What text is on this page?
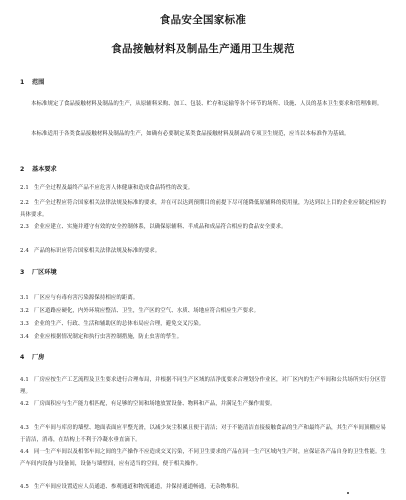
食品安全国家标准
食品接触材料及制品生产通用卫生规范
1 范围
本标准规定了食品接触材料及制品的生产，从原辅料采购、加工、包装、贮存和运输等各个环节的场所、设施、人员的基本卫生要求和管理准则。
本标准适用于各类食品接触材料及制品的生产，如确有必要制定某类食品接触材料及制品的专项卫生规范，应当以本标准作为基础。
2 基本要求
2.1 生产全过程及最终产品不应危害人体健康和造成食品特性的改变。
2.2 生产全过程应符合国家相关法律法规及标准的要求，并在可以达到预期目的前提下尽可能降低原辅料的使用量，为达到以上目的企业应制定相应的具体要求。
2.3 企业应建立、实施并遵守有效的安全控制体系，以确保原辅料、半成品和成品符合相应的食品安全要求。
2.4 产品的标识应符合国家相关法律法规及标准的要求。
3 厂区环境
3.1 厂区应与有毒有害污染源保持相应的距离。
3.2 厂区道路应硬化，内外环境应整洁、卫生，生产区的空气、水质、场地应符合相应生产要求。
3.3 企业的生产、行政、生活和辅助区的总体布局应合理，避免交叉污染。
3.4 企业应根据情况制定和执行虫害控制措施，防止虫害的孳生。
4 厂房
4.1 厂房应按生产工艺流程及卫生要求进行合理布局，并根据不同生产区域的洁净度要求合理划分作业区，对厂区内的生产车间和公共场所实行分区管理。
4.2 厂房面积应与生产能力相匹配，有足够的空间和场地放置设备、物料和产品，并满足生产操作需要。
4.3 生产车间与库房的墙壁、地面表面应平整光滑，以减少灰尘积累且便于清洁；对于不能清洁直接接触食品的生产和最终产品，其生产车间顶棚应易于清洁，消毒，在结构上不利于冷凝水垂直滴下。
4.4 同一生产车间以及相邻车间之间的生产操作不应造成交叉污染，不同卫生要求的产品在同一生产区域内生产时，应保证各产品自身的卫生性能。生产车间内设备与设备间，设备与墙壁间，应有适当的空间，便于相关操作。
4.5 生产车间应设置适应人员通道、参观通道和物流通道，并保持通道畅通，无杂物堆积。
